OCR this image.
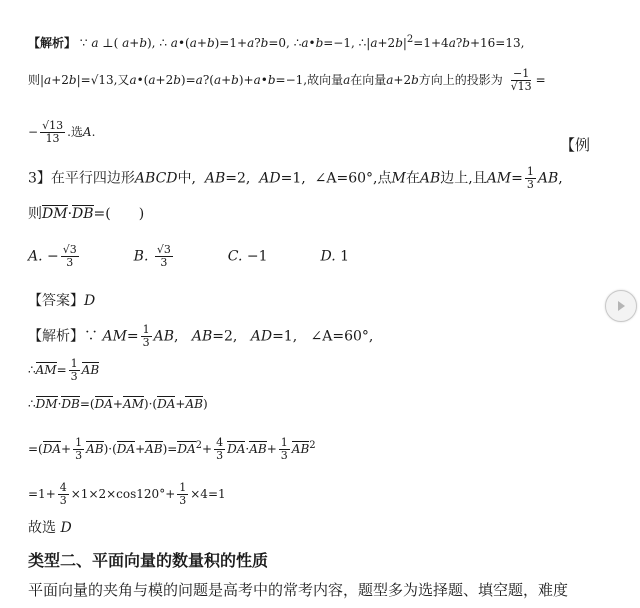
【解析】 ∵ a ⊥( a+b), ∴ a•(a+b)=1+a?b=0, ∴a•b=−1, $\therefore|a+2b|^2=1+4a?b+16=13$,
则|a+2b|=√13,又a•(a+2b)=a?(a+b)+a•b=−1,故向量a在向量a+2b方向上的投影为 $\frac{-1}{√13}$ =
− $\frac{√13}{13}$ .选A.
【例
3】在平行四边形ABCD中, AB=2, AD=1, ∠A=60°,点M在AB边上,且$AM= \frac{1}{3}$ AB,
则DM·DB=(　　)
A. − $\frac{√3}{3}$	B. $\frac{√3}{3}$	C. −1	D. 1
【答案】D
【解析】∵ $AM= \frac{1}{3}$ AB, AB=2, AD=1, ∠A=60°,
∴AM= $\frac{1}{3}$ AB
∴DM·DB=(DA+AM)·(DA+AB)
$=(DA+ \frac{1}{3} AB)\cdot(DA+AB)=DA^2+ \frac{4}{3} DA\cdot AB+ \frac{1}{3} AB^2$
$=1+ \frac{4}{3} \times 1\times 2\times\cos 120^\circ+ \frac{1}{3} \times 4=1$
故选 D
类型二、平面向量的数量积的性质
平面向量的夹角与模的问题是高考中的常考内容，题型多为选择题、填空题，难度
